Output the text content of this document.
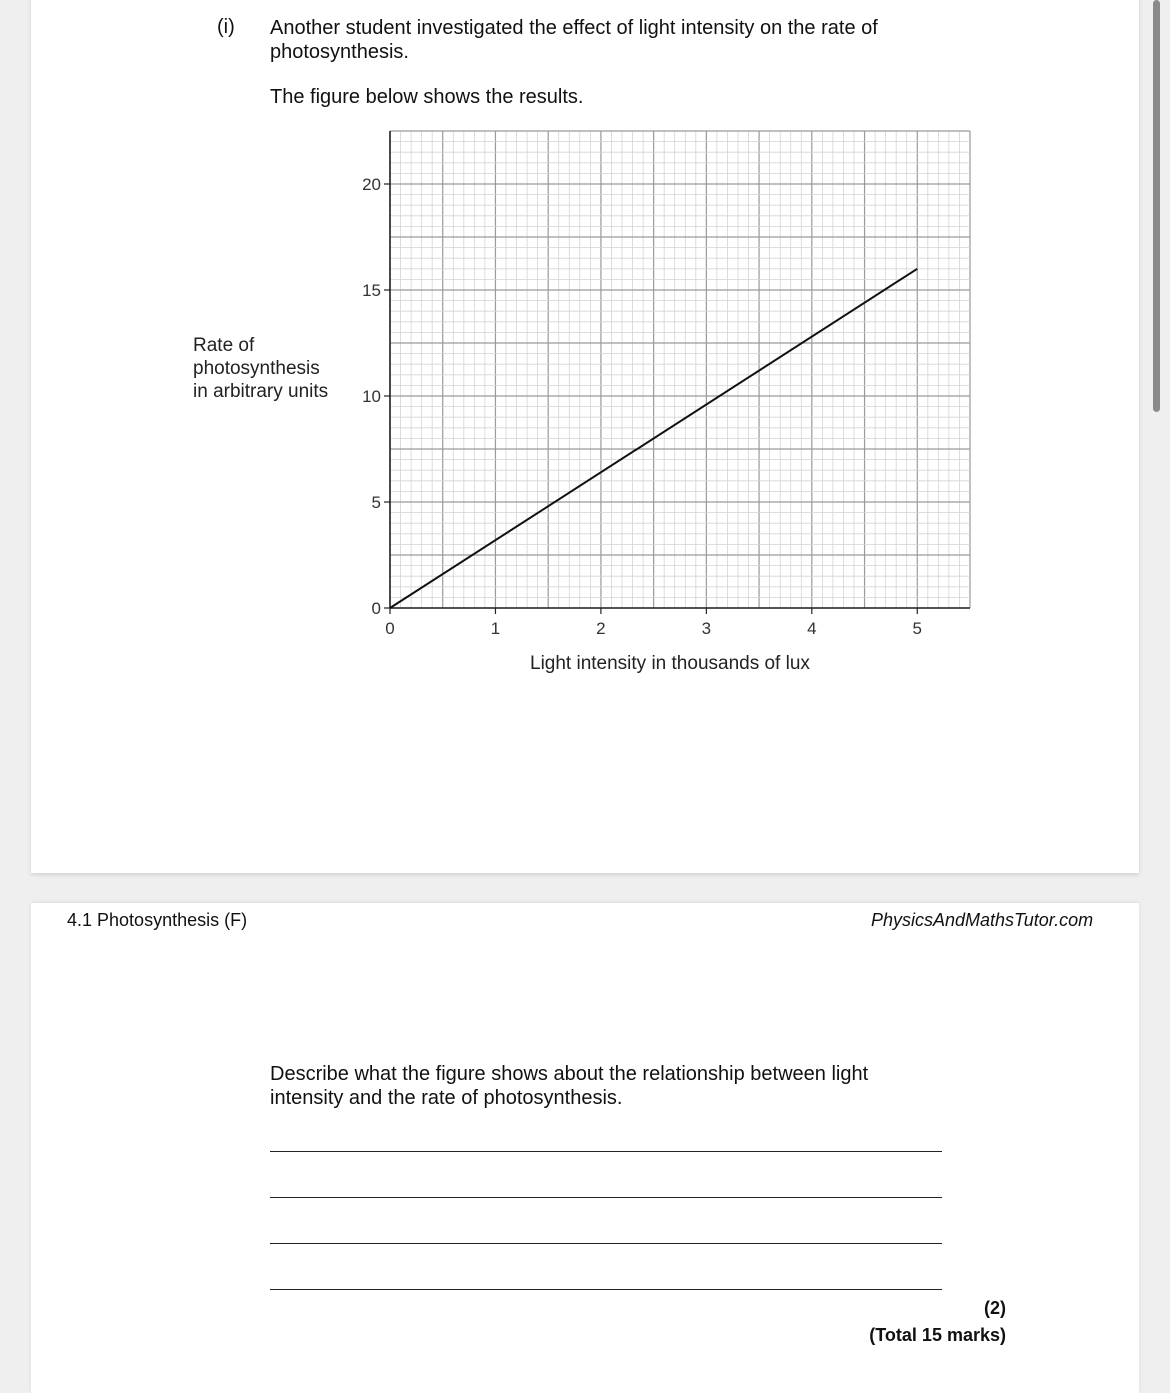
(i) Another student investigated the effect of light intensity on the rate of photosynthesis.
The figure below shows the results.
Rate of
photosynthesis
in arbitrary units
0	1	2	3	4	5
0
5
10
15
20
Light intensity in thousands of lux
4.1 Photosynthesis (F)	PhysicsAndMathsTutor.com
Describe what the figure shows about the relationship between light intensity and the rate of photosynthesis.
(2)
(Total 15 marks)
